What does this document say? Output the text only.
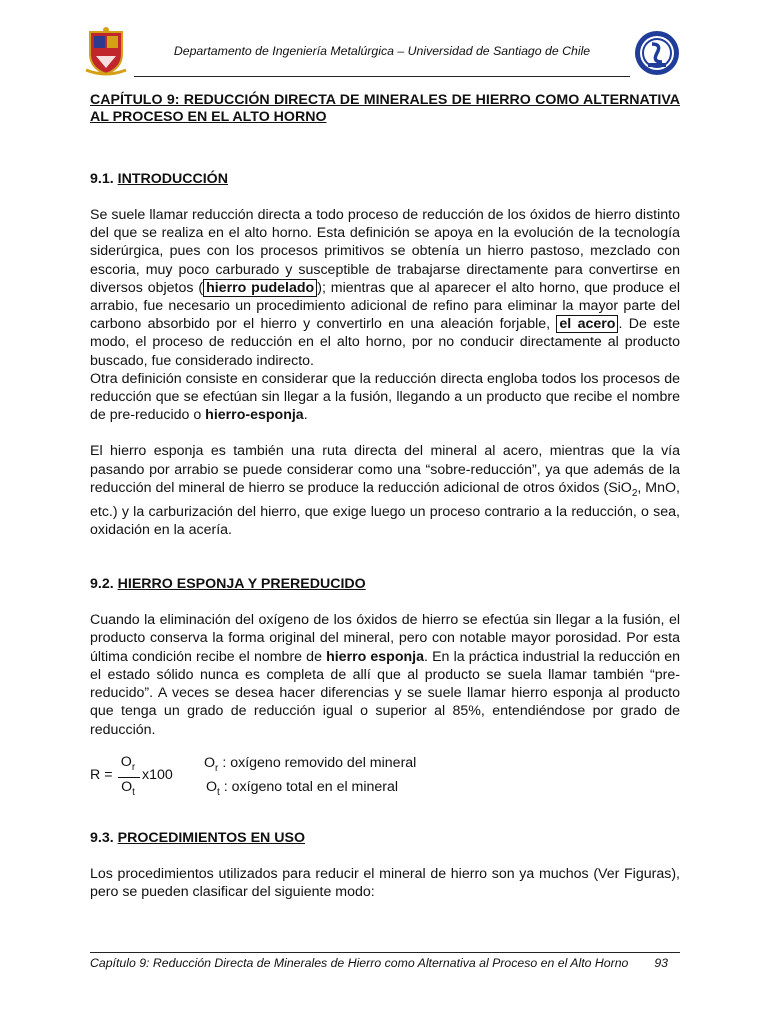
Departamento de Ingeniería Metalúrgica – Universidad de Santiago de Chile

CAPÍTULO 9: REDUCCIÓN DIRECTA DE MINERALES DE HIERRO COMO ALTERNATIVA AL PROCESO EN EL ALTO HORNO

9.1. INTRODUCCIÓN

Se suele llamar reducción directa a todo proceso de reducción de los óxidos de hierro distinto del que se realiza en el alto horno. Esta definición se apoya en la evolución de la tecnología siderúrgica, pues con los procesos primitivos se obtenía un hierro pastoso, mezclado con escoria, muy poco carburado y susceptible de trabajarse directamente para convertirse en diversos objetos ( hierro pudelado ); mientras que al aparecer el alto horno, que produce el arrabio, fue necesario un procedimiento adicional de refino para eliminar la mayor parte del carbono absorbido por el hierro y convertirlo en una aleación forjable, el acero . De este modo, el proceso de reducción en el alto horno, por no conducir directamente al producto buscado, fue considerado indirecto.

Otra definición consiste en considerar que la reducción directa engloba todos los procesos de reducción que se efectúan sin llegar a la fusión, llegando a un producto que recibe el nombre de pre-reducido o hierro-esponja.

El hierro esponja es también una ruta directa del mineral al acero, mientras que la vía pasando por arrabio se puede considerar como una “sobre-reducción”, ya que además de la reducción del mineral de hierro se produce la reducción adicional de otros óxidos (SiO$_2$, MnO, etc.) y la carburización del hierro, que exige luego un proceso contrario a la reducción, o sea, oxidación en la acería.

9.2. HIERRO ESPONJA Y PREREDUCIDO

Cuando la eliminación del oxígeno de los óxidos de hierro se efectúa sin llegar a la fusión, el producto conserva la forma original del mineral, pero con notable mayor porosidad. Por esta última condición recibe el nombre de hierro esponja. En la práctica industrial la reducción en el estado sólido nunca es completa de allí que al producto se suela llamar también “pre-reducido”. A veces se desea hacer diferencias y se suele llamar hierro esponja al producto que tenga un grado de reducción igual o superior al 85%, entendiéndose por grado de reducción.

R =
$O_r$
$O_t$
x100
$O_r$ : oxígeno removido del mineral
$O_t$ : oxígeno total en el mineral

9.3. PROCEDIMIENTOS EN USO

Los procedimientos utilizados para reducir el mineral de hierro son ya muchos (Ver Figuras), pero se pueden clasificar del siguiente modo:

Capítulo 9: Reducción Directa de Minerales de Hierro como Alternativa al Proceso en el Alto Horno 93
